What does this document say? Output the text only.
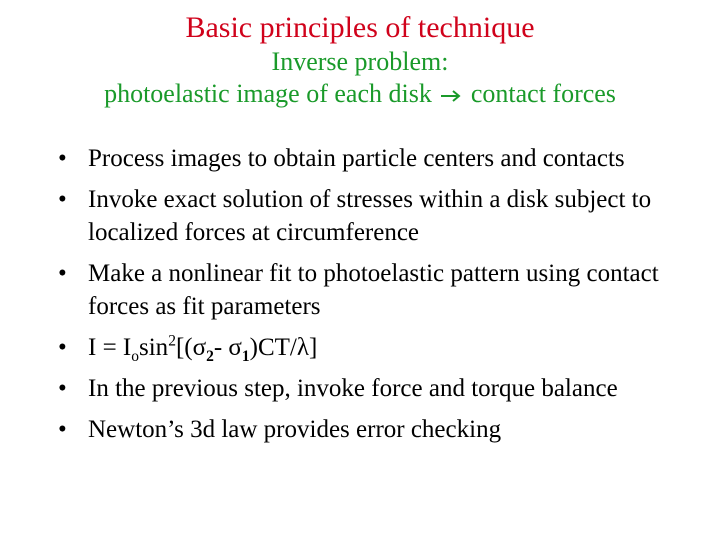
Basic principles of technique
Inverse problem:
photoelastic image of each disk contact forces
• Process images to obtain particle centers and contacts
• Invoke exact solution of stresses within a disk subject to localized forces at circumference
• Make a nonlinear fit to photoelastic pattern using contact forces as fit parameters
• $I = I_o\sin^2[(\sigma_2-$ $\sigma_1)CT/\lambda$]
• In the previous step, invoke force and torque balance
• Newton’s 3d law provides error checking
